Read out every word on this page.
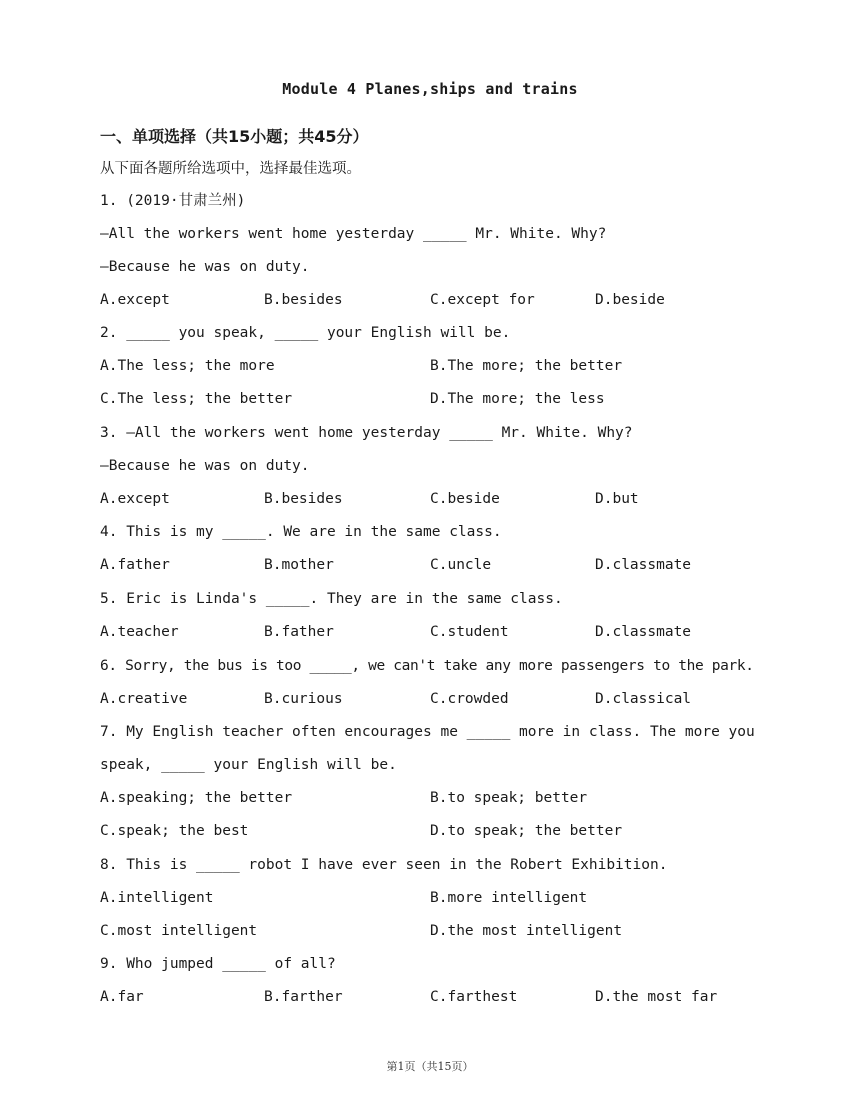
Module 4 Planes,ships and trains
一、单项选择（共15小题；共45分）
从下面各题所给选项中，选择最佳选项。
1. (2019·甘肃兰州)
—All the workers went home yesterday _____ Mr. White. Why?
—Because he was on duty.
A.except	B.besides	C.except for	D.beside
2. _____ you speak, _____ your English will be.
A.The less; the more	B.The more; the better
C.The less; the better	D.The more; the less
3. —All the workers went home yesterday _____ Mr. White. Why?
—Because he was on duty.
A.except	B.besides	C.beside	D.but
4. This is my _____. We are in the same class.
A.father	B.mother	C.uncle	D.classmate
5. Eric is Linda's _____. They are in the same class.
A.teacher	B.father	C.student	D.classmate
6. Sorry, the bus is too _____, we can't take any more passengers to the park.
A.creative	B.curious	C.crowded	D.classical
7. My English teacher often encourages me _____ more in class. The more you
speak, _____ your English will be.
A.speaking; the better	B.to speak; better
C.speak; the best	D.to speak; the better
8. This is _____ robot I have ever seen in the Robert Exhibition.
A.intelligent	B.more intelligent
C.most intelligent	D.the most intelligent
9. Who jumped _____ of all?
A.far	B.farther	C.farthest	D.the most far
第1页（共15页）
